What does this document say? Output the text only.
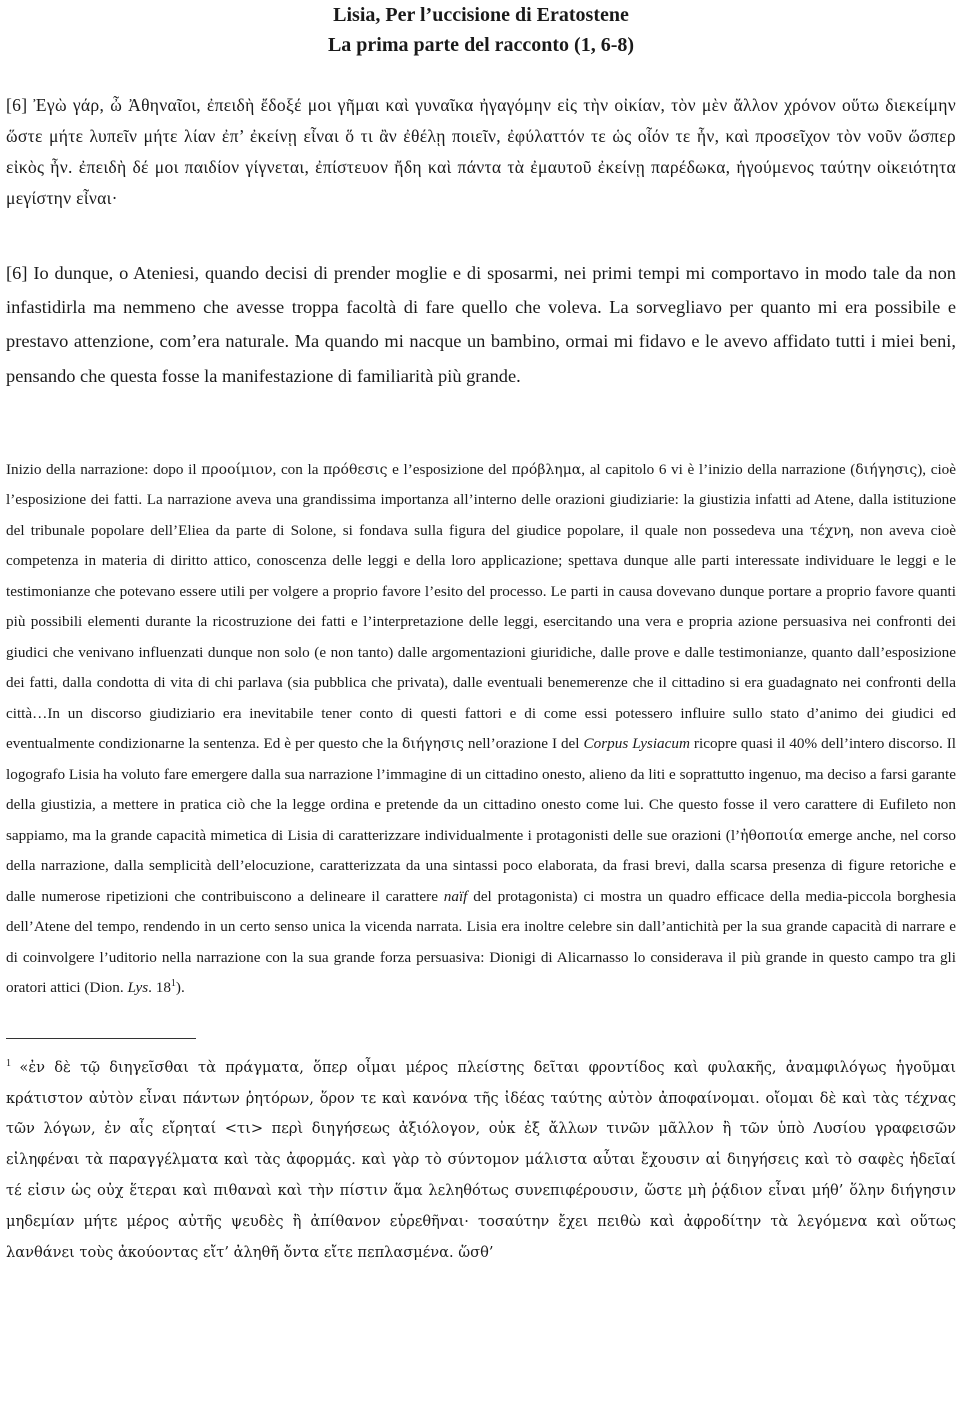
Lisia, Per l’uccisione di Eratostene
La prima parte del racconto (1, 6-8)

[6] Ἐγὼ γάρ, ὦ Ἀθηναῖοι, ἐπειδὴ ἔδοξέ μοι γῆμαι καὶ γυναῖκα ἠγαγόμην εἰς τὴν οἰκίαν, τὸν μὲν ἄλλον χρόνον οὕτω διεκείμην ὥστε μήτε λυπεῖν μήτε λίαν ἐπ’ ἐκείνῃ εἶναι ὅ τι ἂν ἐθέλῃ ποιεῖν, ἐφύλαττόν τε ὡς οἷόν τε ἦν, καὶ προσεῖχον τὸν νοῦν ὥσπερ εἰκὸς ἦν. ἐπειδὴ δέ μοι παιδίον γίγνεται, ἐπίστευον ἤδη καὶ πάντα τὰ ἐμαυτοῦ ἐκείνῃ παρέδωκα, ἡγούμενος ταύτην οἰκειότητα μεγίστην εἶναι·

[6] Io dunque, o Ateniesi, quando decisi di prender moglie e di sposarmi, nei primi tempi mi comportavo in modo tale da non infastidirla ma nemmeno che avesse troppa facoltà di fare quello che voleva. La sorvegliavo per quanto mi era possibile e prestavo attenzione, com’era naturale. Ma quando mi nacque un bambino, ormai mi fidavo e le avevo affidato tutti i miei beni, pensando che questa fosse la manifestazione di familiarità più grande.

Inizio della narrazione: dopo il προοίμιον, con la πρόθεσις e l’esposizione del πρόβλημα, al capitolo 6 vi è l’inizio della narrazione (διήγησις), cioè l’esposizione dei fatti. La narrazione aveva una grandissima importanza all’interno delle orazioni giudiziarie: la giustizia infatti ad Atene, dalla istituzione del tribunale popolare dell’Eliea da parte di Solone, si fondava sulla figura del giudice popolare, il quale non possedeva una τέχνη, non aveva cioè competenza in materia di diritto attico, conoscenza delle leggi e della loro applicazione; spettava dunque alle parti interessate individuare le leggi e le testimonianze che potevano essere utili per volgere a proprio favore l’esito del processo. Le parti in causa dovevano dunque portare a proprio favore quanti più possibili elementi durante la ricostruzione dei fatti e l’interpretazione delle leggi, esercitando una vera e propria azione persuasiva nei confronti dei giudici che venivano influenzati dunque non solo (e non tanto) dalle argomentazioni giuridiche, dalle prove e dalle testimonianze, quanto dall’esposizione dei fatti, dalla condotta di vita di chi parlava (sia pubblica che privata), dalle eventuali benemerenze che il cittadino si era guadagnato nei confronti della città…In un discorso giudiziario era inevitabile tener conto di questi fattori e di come essi potessero influire sullo stato d’animo dei giudici ed eventualmente condizionarne la sentenza. Ed è per questo che la διήγησις nell’orazione I del Corpus Lysiacum ricopre quasi il 40% dell’intero discorso. Il logografo Lisia ha voluto fare emergere dalla sua narrazione l’immagine di un cittadino onesto, alieno da liti e soprattutto ingenuo, ma deciso a farsi garante della giustizia, a mettere in pratica ciò che la legge ordina e pretende da un cittadino onesto come lui. Che questo fosse il vero carattere di Eufileto non sappiamo, ma la grande capacità mimetica di Lisia di caratterizzare individualmente i protagonisti delle sue orazioni (l’ἠθοποιία emerge anche, nel corso della narrazione, dalla semplicità dell’elocuzione, caratterizzata da una sintassi poco elaborata, da frasi brevi, dalla scarsa presenza di figure retoriche e dalle numerose ripetizioni che contribuiscono a delineare il carattere naïf del protagonista) ci mostra un quadro efficace della media-piccola borghesia dell’Atene del tempo, rendendo in un certo senso unica la vicenda narrata. Lisia era inoltre celebre sin dall’antichità per la sua grande capacità di narrare e di coinvolgere l’uditorio nella narrazione con la sua grande forza persuasiva: Dionigi di Alicarnasso lo considerava il più grande in questo campo tra gli oratori attici (Dion. Lys. $18^1$).

$^1$ «ἐν δὲ τῷ διηγεῖσθαι τὰ πράγματα, ὅπερ οἶμαι μέρος πλείστης δεῖται φροντίδος καὶ φυλακῆς, ἀναμφιλόγως ἡγοῦμαι κράτιστον αὐτὸν εἶναι πάντων ῥητόρων, ὅρον τε καὶ κανόνα τῆς ἰδέας ταύτης αὐτὸν ἀποφαίνομαι. οἴομαι δὲ καὶ τὰς τέχνας τῶν λόγων, ἐν αἷς εἴρηταί <τι> περὶ διηγήσεως ἀξιόλογον, οὐκ ἐξ ἄλλων τινῶν μᾶλλον ἢ τῶν ὑπὸ Λυσίου γραφεισῶν εἰληφέναι τὰ παραγγέλματα καὶ τὰς ἀφορμάς. καὶ γὰρ τὸ σύντομον μάλιστα αὗται ἔχουσιν αἱ διηγήσεις καὶ τὸ σαφὲς ἡδεῖαί τέ εἰσιν ὡς οὐχ ἕτεραι καὶ πιθαναὶ καὶ τὴν πίστιν ἅμα λεληθότως συνεπιφέρουσιν, ὥστε μὴ ῥᾴδιον εἶναι μήθ’ ὅλην διήγησιν μηδεμίαν μήτε μέρος αὐτῆς ψευδὲς ἢ ἀπίθανον εὑρεθῆναι· τοσαύτην ἔχει πειθὼ καὶ ἀφροδίτην τὰ λεγόμενα καὶ οὕτως λανθάνει τοὺς ἀκούοντας εἴτ’ ἀληθῆ ὄντα εἴτε πεπλασμένα. ὥσθ’
